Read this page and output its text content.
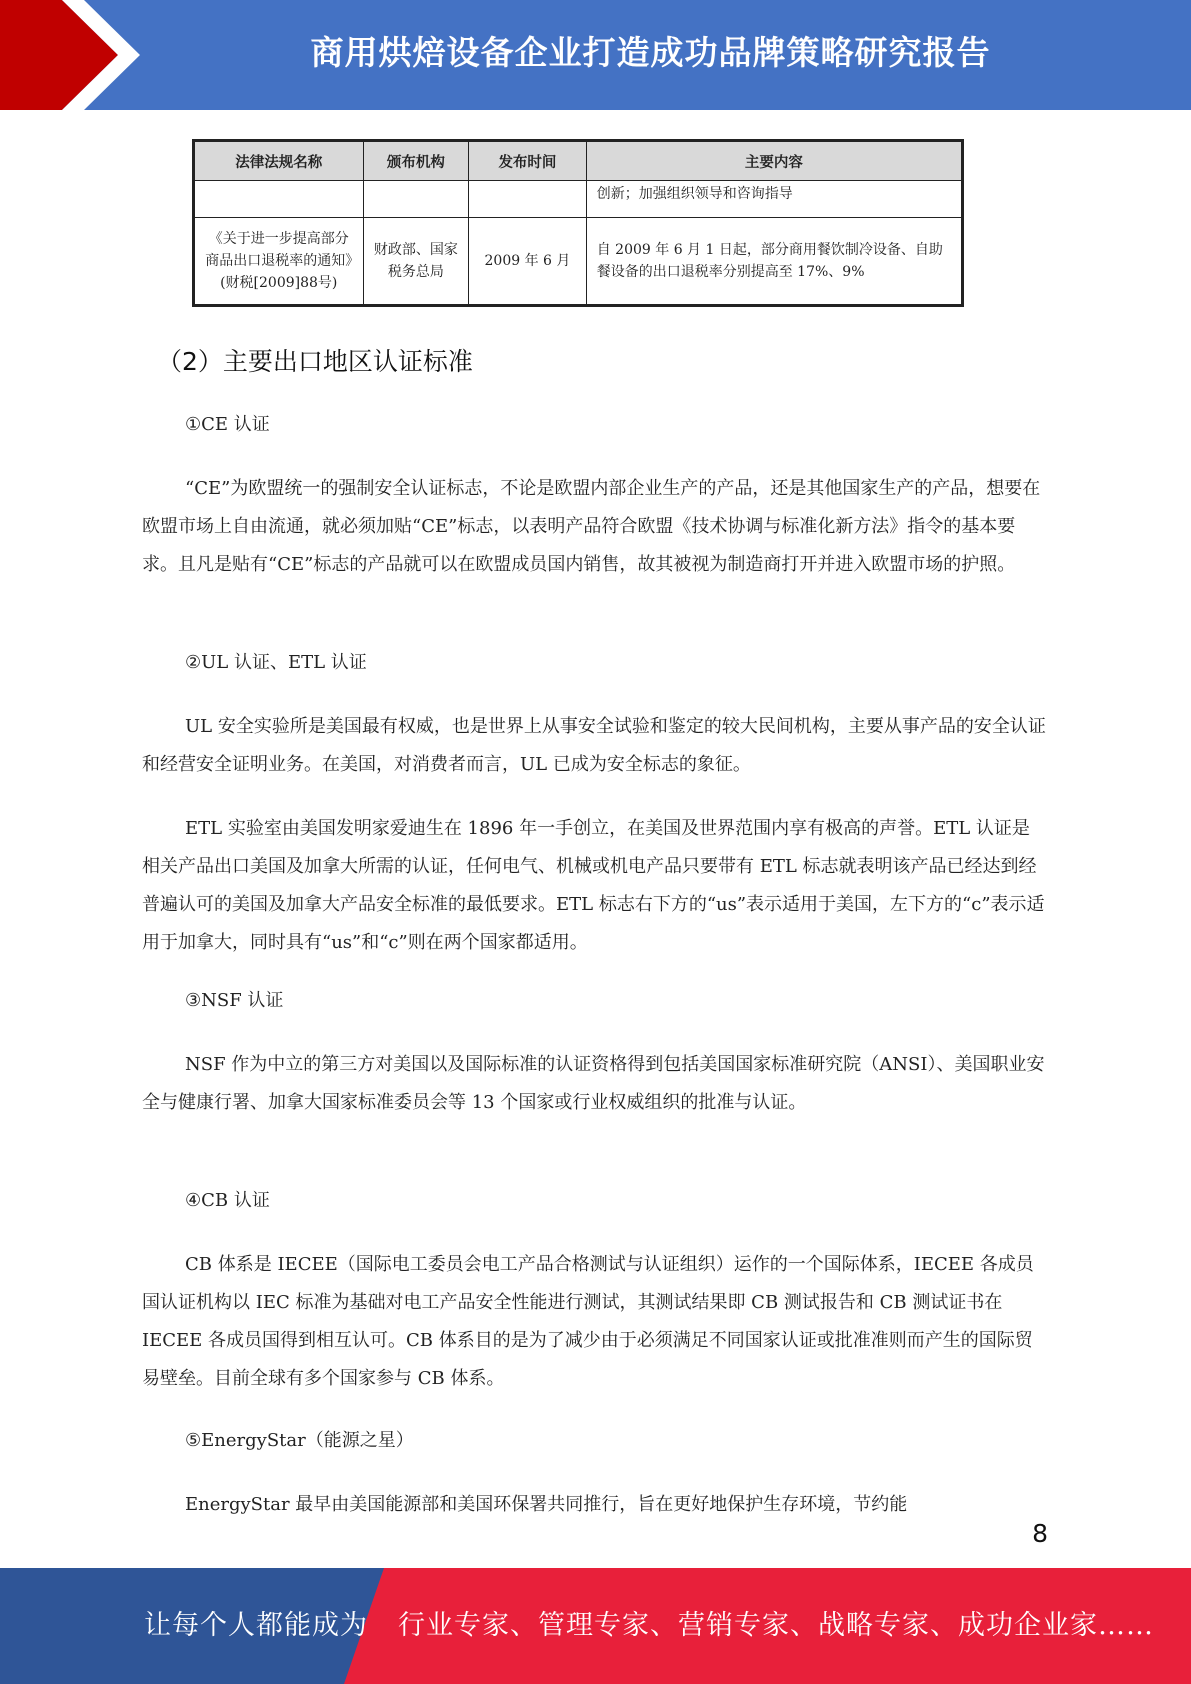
商用烘焙设备企业打造成功品牌策略研究报告
法律法规名称	颁布机构	发布时间	主要内容
			创新；加强组织领导和咨询指导
《关于进一步提高部分商品出口退税率的通知》(财税[2009]88号)	财政部、国家税务总局	2009 年 6 月	自 2009 年 6 月 1 日起，部分商用餐饮制冷设备、自助餐设备的出口退税率分别提高至 17%、9%
（2）主要出口地区认证标准
①CE 认证

“CE”为欧盟统一的强制安全认证标志，不论是欧盟内部企业生产的产品，还是其他国家生产的产品，想要在欧盟市场上自由流通，就必须加贴“CE”标志，以表明产品符合欧盟《技术协调与标准化新方法》指令的基本要求。且凡是贴有“CE”标志的产品就可以在欧盟成员国内销售，故其被视为制造商打开并进入欧盟市场的护照。

②UL 认证、ETL 认证

UL 安全实验所是美国最有权威，也是世界上从事安全试验和鉴定的较大民间机构，主要从事产品的安全认证和经营安全证明业务。在美国，对消费者而言，UL 已成为安全标志的象征。

ETL 实验室由美国发明家爱迪生在 1896 年一手创立，在美国及世界范围内享有极高的声誉。ETL 认证是相关产品出口美国及加拿大所需的认证，任何电气、机械或机电产品只要带有 ETL 标志就表明该产品已经达到经普遍认可的美国及加拿大产品安全标准的最低要求。ETL 标志右下方的“us”表示适用于美国，左下方的“c”表示适用于加拿大，同时具有“us”和“c”则在两个国家都适用。

③NSF 认证

NSF 作为中立的第三方对美国以及国际标准的认证资格得到包括美国国家标准研究院（ANSI）、美国职业安全与健康行署、加拿大国家标准委员会等 13 个国家或行业权威组织的批准与认证。

④CB 认证

CB 体系是 IECEE（国际电工委员会电工产品合格测试与认证组织）运作的一个国际体系，IECEE 各成员国认证机构以 IEC 标准为基础对电工产品安全性能进行测试，其测试结果即 CB 测试报告和 CB 测试证书在 IECEE 各成员国得到相互认可。CB 体系目的是为了减少由于必须满足不同国家认证或批准准则而产生的国际贸易壁垒。目前全球有多个国家参与 CB 体系。

⑤EnergyStar（能源之星）

EnergyStar 最早由美国能源部和美国环保署共同推行，旨在更好地保护生存环境，节约能

8
让每个人都能成为 行业专家、管理专家、营销专家、战略专家、成功企业家……
